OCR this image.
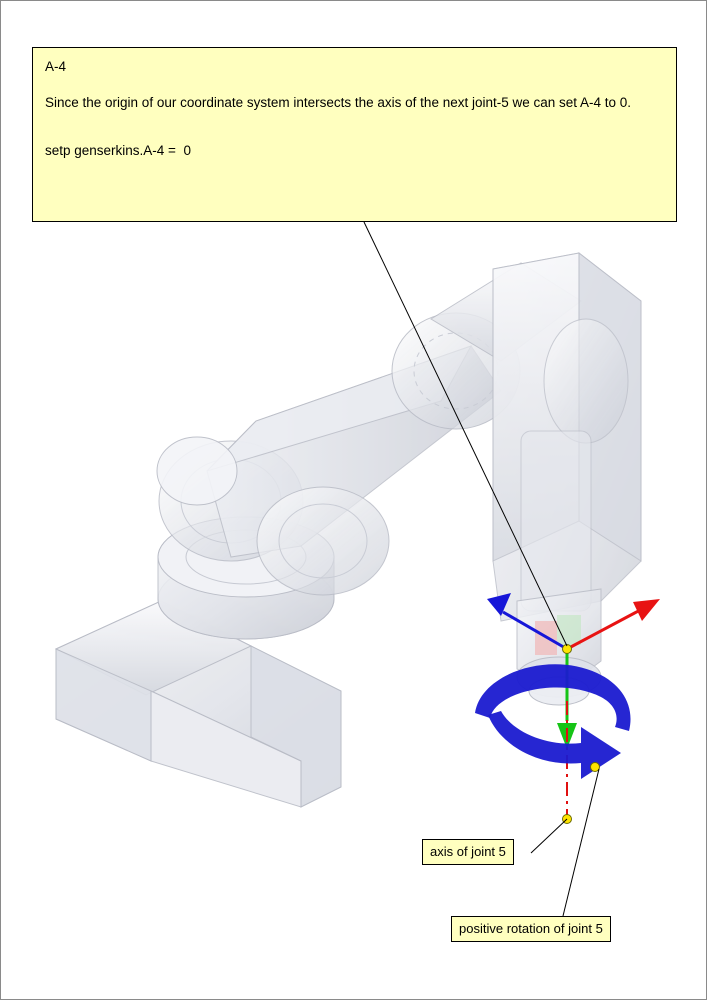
A-4

Since the origin of our coordinate system intersects the axis of the next joint-5 we can set A-4 to 0.

setp genserkins.A-4 =  0

axis of joint 5
positive rotation of joint 5
